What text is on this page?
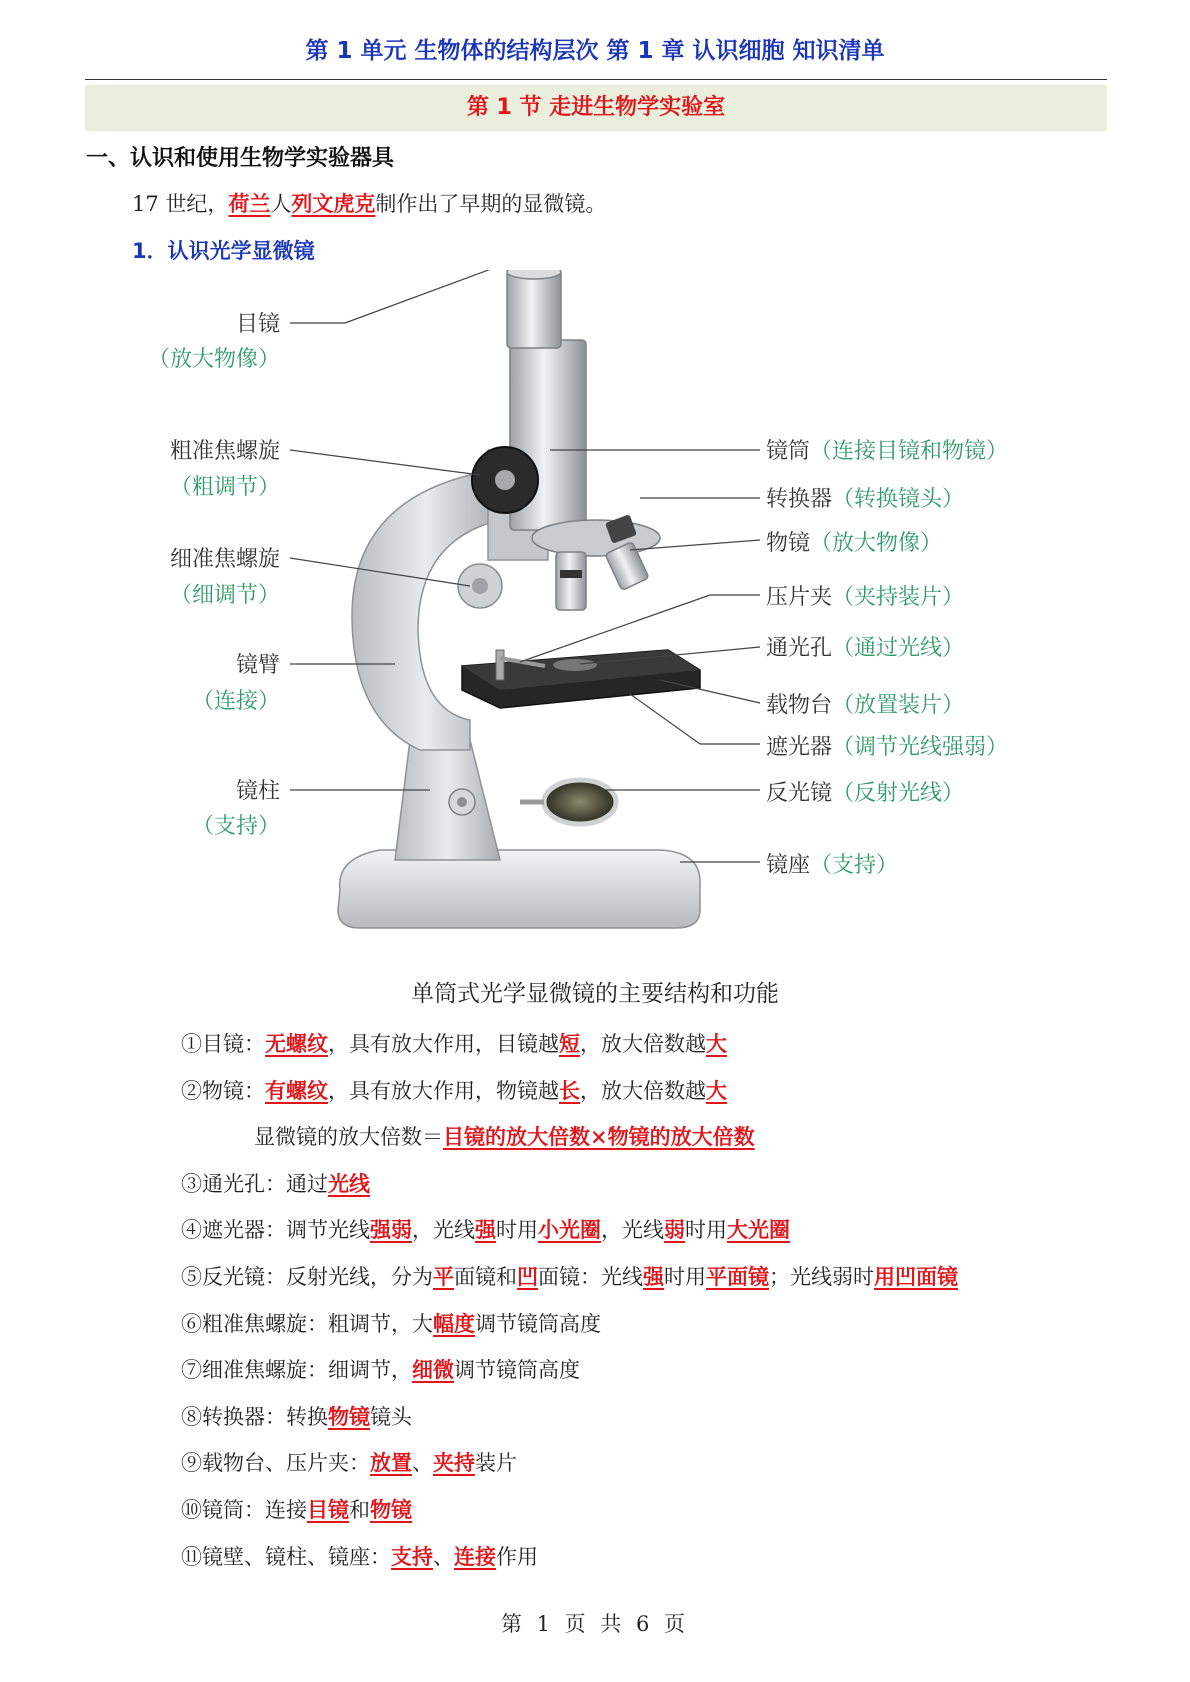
第 1 单元 生物体的结构层次 第 1 章 认识细胞 知识清单
第 1 节 走进生物学实验室
一、认识和使用生物学实验器具
17 世纪，荷兰人列文虎克制作出了早期的显微镜。
1．认识光学显微镜
目镜
（放大物像）
粗准焦螺旋
（粗调节）
细准焦螺旋
（细调节）
镜臂
（连接）
镜柱
（支持）
镜筒（连接目镜和物镜）
转换器（转换镜头）
物镜（放大物像）
压片夹（夹持装片）
通光孔（通过光线）
载物台（放置装片）
遮光器（调节光线强弱）
反光镜（反射光线）
镜座（支持）
单筒式光学显微镜的主要结构和功能
①目镜：无螺纹，具有放大作用，目镜越短，放大倍数越大
②物镜：有螺纹，具有放大作用，物镜越长，放大倍数越大
显微镜的放大倍数＝目镜的放大倍数×物镜的放大倍数
③通光孔：通过光线
④遮光器：调节光线强弱，光线强时用小光圈，光线弱时用大光圈
⑤反光镜：反射光线，分为平面镜和凹面镜：光线强时用平面镜；光线弱时用凹面镜
⑥粗准焦螺旋：粗调节，大幅度调节镜筒高度
⑦细准焦螺旋：细调节，细微调节镜筒高度
⑧转换器：转换物镜镜头
⑨载物台、压片夹：放置、夹持装片
⑩镜筒：连接目镜和物镜
⑪镜壁、镜柱、镜座：支持、连接作用
第 1 页 共 6 页
